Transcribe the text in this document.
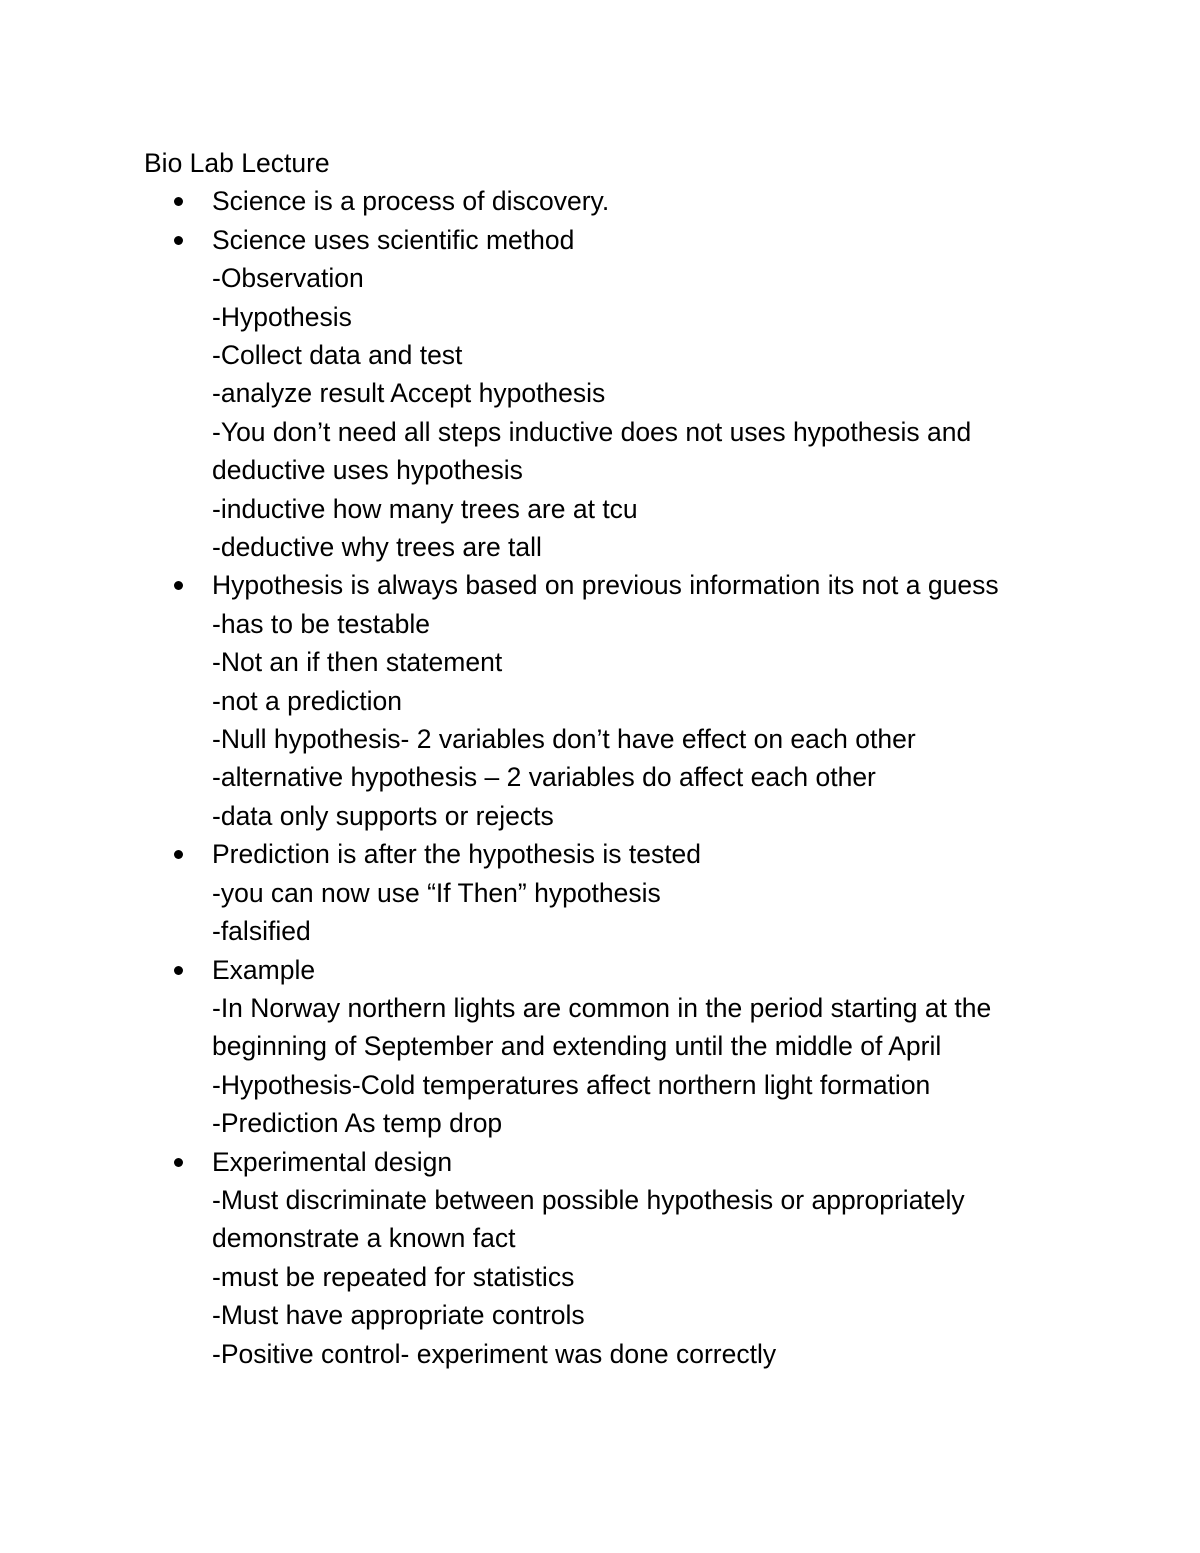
Bio Lab Lecture
Science is a process of discovery.
Science uses scientific method
-Observation
-Hypothesis
-Collect data and test
-analyze result Accept hypothesis
-You don’t need all steps inductive does not uses hypothesis and deductive uses hypothesis
-inductive how many trees are at tcu
-deductive why trees are tall
Hypothesis is always based on previous information its not a guess
-has to be testable
-Not an if then statement
-not a prediction
-Null hypothesis- 2 variables don’t have effect on each other
-alternative hypothesis – 2 variables do affect each other
-data only supports or rejects
Prediction is after the hypothesis is tested
-you can now use “If Then” hypothesis
-falsified
Example
-In Norway northern lights are common in the period starting at the beginning of September and extending until the middle of April
-Hypothesis-Cold temperatures affect northern light formation
-Prediction As temp drop
Experimental design
-Must discriminate between possible hypothesis or appropriately demonstrate a known fact
-must be repeated for statistics
-Must have appropriate controls
-Positive control- experiment was done correctly
